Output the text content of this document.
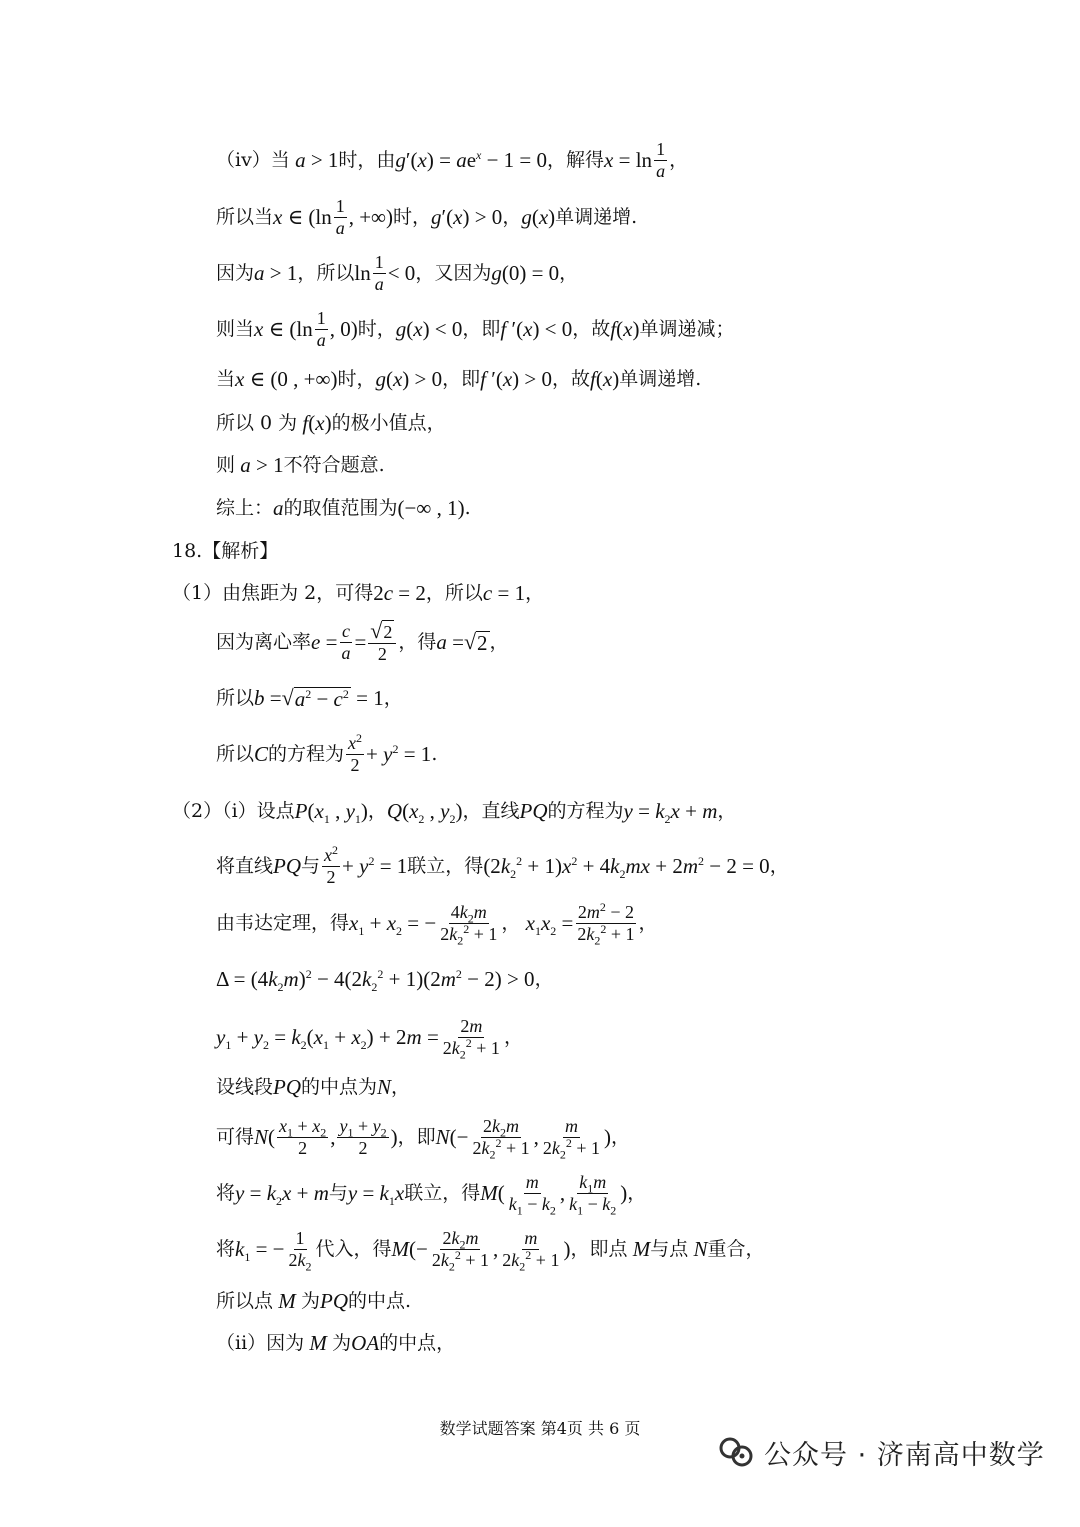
（iv）当 a > 1 时，由 $g'(x) = ae^x - 1 = 0$ ，解得 $x = \ln \frac{1}{a}$ ，
所以当 x ∈ ($\ln \frac{1}{a}$ , +∞) 时， g′(x) > 0 ， g(x) 单调递增.
因为 a > 1 ，所以 $\ln \frac{1}{a} < 0$ ，又因为 g(0) = 0 ，
则当 x ∈ ($\ln \frac{1}{a}$ , 0) 时， g(x) < 0 ，即 f ′(x) < 0 ，故 f(x) 单调递减；
当 x ∈ (0 , +∞) 时， g(x) > 0 ，即 f ′(x) > 0 ，故 f(x) 单调递增.
所以 0 为 f(x) 的极小值点，
则 a > 1 不符合题意.
综上： a 的取值范围为 (−∞ , 1) .
18.【解析】
（1）由焦距为 2，可得 2c = 2 ，所以 c = 1 ，
因为离心率 $e = \frac{c}{a} = \frac{√ 2}{2}$ ，得 a = √ 2 ，
所以 b = √ $a^2 - c^2 = 1$ ，
所以 C 的方程为 $\frac{x^2}{2} + y^2 = 1$ .
（2）（i）设点 $P(x_1$ , $y_1$) ， $Q(x_2$ , $y_2$) ，直线 PQ 的方程为 $y = k_2x + m$ ，
将直线 PQ 与 $\frac{x^2}{2} + y^2 = 1$ 联立，得 $(2k_2^2 + 1)x^2 + 4k_2mx + 2m^2 - 2 = 0$ ，
由韦达定理，得 $x_1 + x_2$ = − $\frac{4k_2m}{2k_2^2 + 1}$ ， $x_1x_2 = \frac{2m^2 - 2}{2k_2^2 + 1}$ ，
$\Delta = (4k_2m)^2 - 4(2k_2^2 + 1)(2m^2 - 2) > 0$ ，
$y_1 + y_2 = k_2(x_1 + x_2) + 2m = \frac{2m}{2k_2^2 + 1}$ ，
设线段 PQ 的中点为 N ，
可得 $N( \frac{x_1 + x_2}{2}$ , $\frac{y_1 + y_2}{2}$ ) ，即 $N(- \frac{2k_2m}{2k_2^2 + 1}$ , $\frac{m}{2k_2^2 + 1}$ ) ，
将 $y = k_2x + m$ 与 $y = k_1x$ 联立，得 $M( \frac{m}{k_1 - k_2}$ , $\frac{k_1m}{k_1 - k_2}$ ) ，
将 $k_1$ = − $\frac{1}{2k_2}$ 代入，得 $M(- \frac{2k_2m}{2k_2^2 + 1}$ , $\frac{m}{2k_2^2 + 1}$ ) ，即点 M 与点 N 重合，
所以点 M 为 PQ 的中点.
（ii）因为 M 为 OA 的中点，
数学试题答案 第4页 共 6 页
公众号 · 济南高中数学
